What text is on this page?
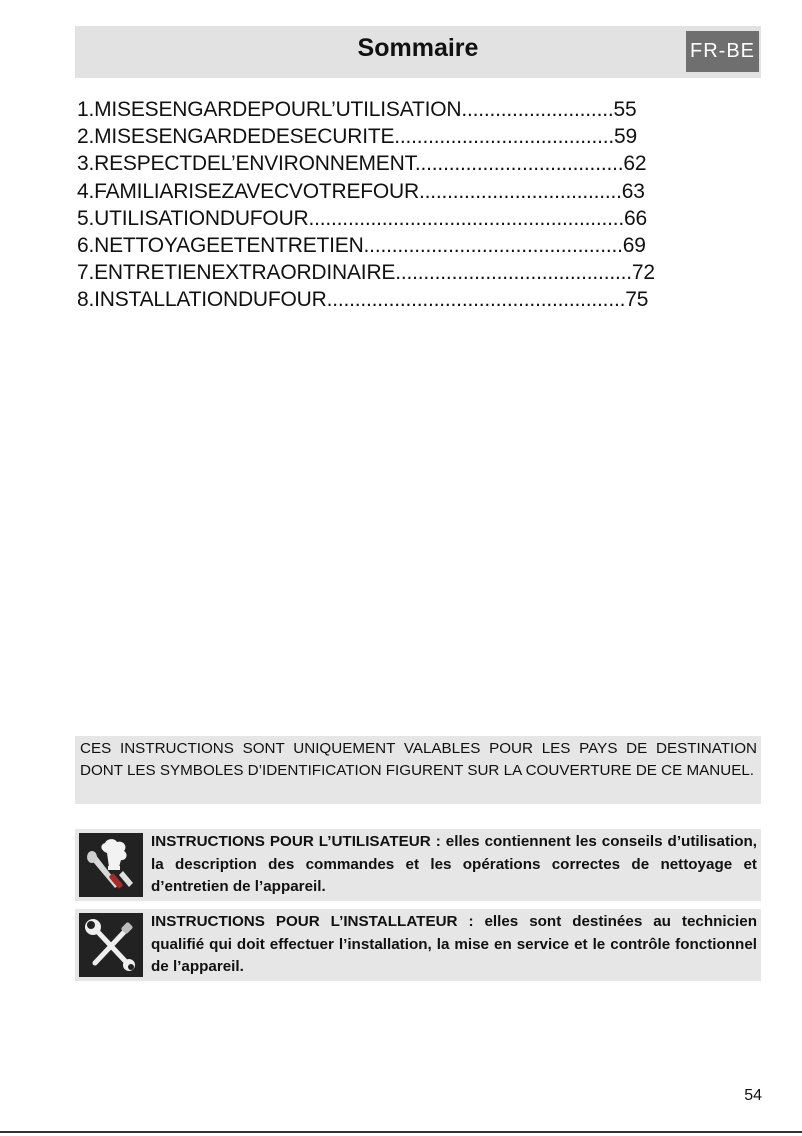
Sommaire	FR-BE
1.MISESENGARDEPOURL’UTILISATION...........................55
2.MISESENGARDEDESECURITE.......................................59
3.RESPECTDEL’ENVIRONNEMENT.....................................62
4.FAMILIARISEZAVECVOTREFOUR....................................63
5.UTILISATIONDUFOUR........................................................66
6.NETTOYAGEETENTRETIEN..............................................69
7.ENTRETIENEXTRAORDINAIRE..........................................72
8.INSTALLATIONDUFOUR.....................................................75
CES INSTRUCTIONS SONT UNIQUEMENT VALABLES POUR LES PAYS DE DESTINATION DONT LES SYMBOLES D’IDENTIFICATION FIGURENT SUR LA COUVERTURE DE CE MANUEL.
INSTRUCTIONS POUR L’UTILISATEUR : elles contiennent les conseils d’utilisation, la description des commandes et les opérations correctes de nettoyage et d’entretien de l’appareil.
INSTRUCTIONS POUR L’INSTALLATEUR : elles sont destinées au technicien qualifié qui doit effectuer l’installation, la mise en service et le contrôle fonctionnel de l’appareil.
54
